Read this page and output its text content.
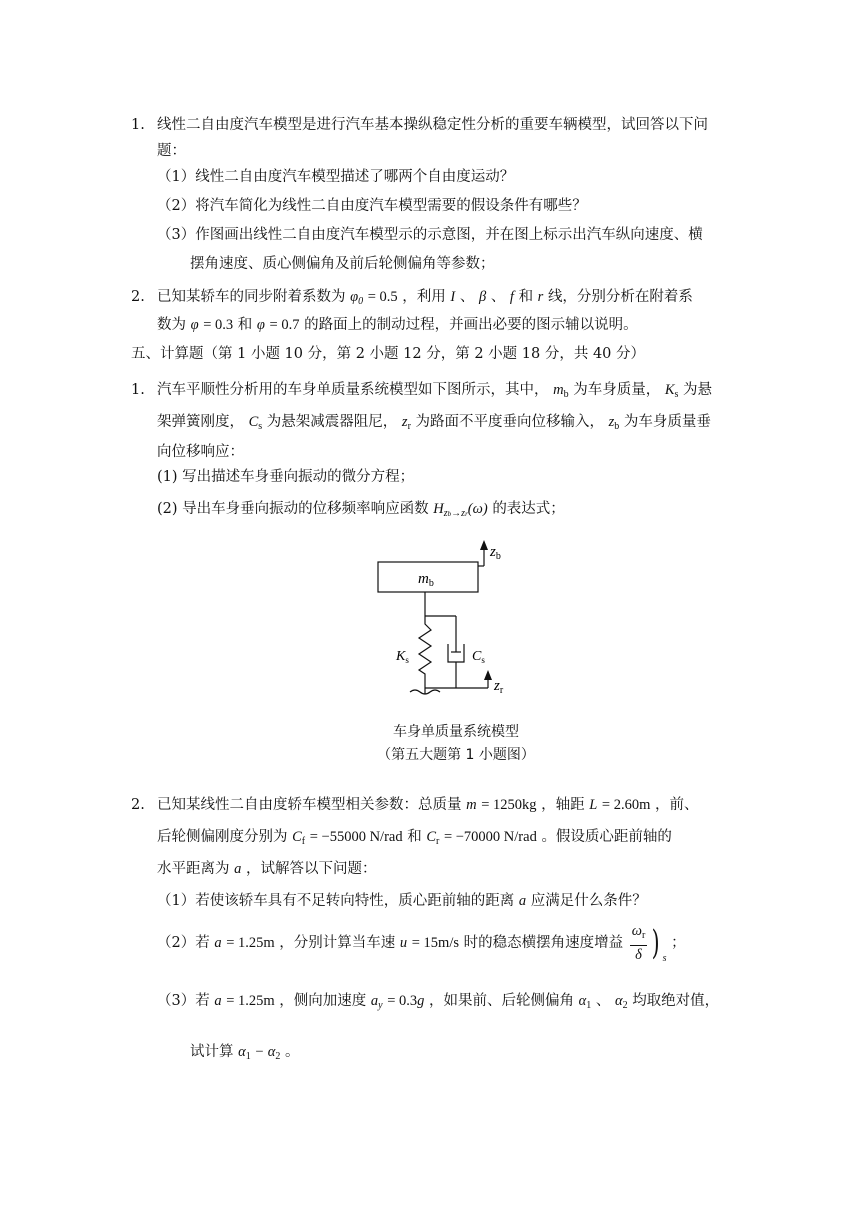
1. 线性二自由度汽车模型是进行汽车基本操纵稳定性分析的重要车辆模型，试回答以下问
题：
（1）线性二自由度汽车模型描述了哪两个自由度运动？
（2）将汽车简化为线性二自由度汽车模型需要的假设条件有哪些？
（3）作图画出线性二自由度汽车模型示的示意图，并在图上标示出汽车纵向速度、横
摆角速度、质心侧偏角及前后轮侧偏角等参数；
2. 已知某轿车的同步附着系数为 $\varphi_0 = 0.5$ ，利用 I 、 β 、 f 和 r 线，分别分析在附着系
数为 φ = 0.3 和 φ = 0.7 的路面上的制动过程，并画出必要的图示辅以说明。
五、计算题（第 1 小题 10 分，第 2 小题 12 分，第 2 小题 18 分，共 40 分）
1. 汽车平顺性分析用的车身单质量系统模型如下图所示，其中， $m_b$ 为车身质量， $K_s$ 为悬
架弹簧刚度， $C_s$ 为悬架减震器阻尼， $z_r$ 为路面不平度垂向位移输入， $z_b$ 为车身质量垂
向位移响应：
(1) 写出描述车身垂向振动的微分方程；
(2) 导出车身垂向振动的位移频率响应函数 $H_{zb\to zr}(\omega)$ 的表达式；
$m_b$
$z_b$
$K_s$	$C_s$
$z_r$
车身单质量系统模型
（第五大题第 1 小题图）
2. 已知某线性二自由度轿车模型相关参数：总质量 m = 1250kg ，轴距 L = 2.60m ，前、
后轮侧偏刚度分别为 $C_f = -55000$ N/rad 和 $C_r = -70000$ N/rad 。假设质心距前轴的
水平距离为 a ，试解答以下问题：
（1）若使该轿车具有不足转向特性，质心距前轴的距离 a 应满足什么条件？
（2）若 a = 1.25m ，分别计算当车速 u = 15m/s 时的稳态横摆角速度增益 $\frac{\omega_r}{\delta}$ ) $_s$ ；
（3）若 a = 1.25m ，侧向加速度 $a_y = 0.3g$ ，如果前、后轮侧偏角 $\alpha_1$ 、 $\alpha_2$ 均取绝对值，
试计算 $\alpha_1 - \alpha_2$ 。
